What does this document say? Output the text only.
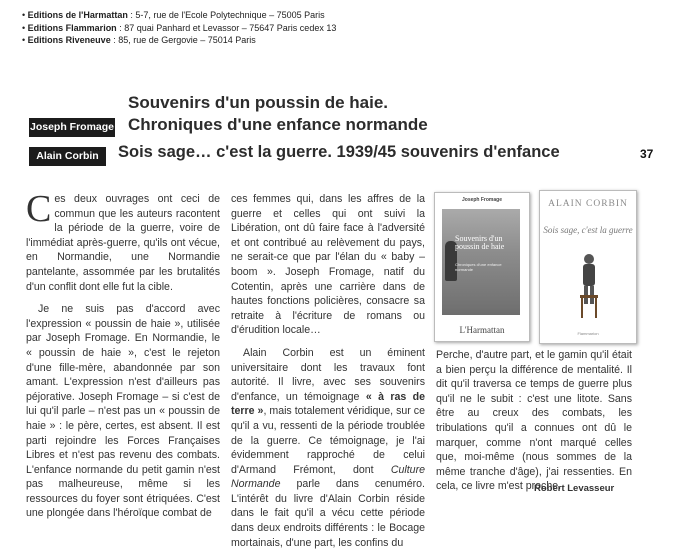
• Editions de l'Harmattan : 5-7, rue de l'Ecole Polytechnique – 75005 Paris
• Editions Flammarion : 87 quai Panhard et Levassor – 75647 Paris cedex 13
• Editions Riveneuve : 85, rue de Gergovie – 75014 Paris
Joseph Fromage
Souvenirs d'un poussin de haie.
Chroniques d'une enfance normande
Alain Corbin	Sois sage… c'est la guerre. 1939/45 souvenirs d'enfance	37

Ces deux ouvrages ont ceci de commun que les auteurs racontent la période de la guerre, voire de l'immédiat après-guerre, qu'ils ont vécue, en Normandie, une Normandie pantelante, assommée par les brutalités d'un conflit dont elle fut la cible.

Je ne suis pas d'accord avec l'expression « poussin de haie », utilisée par Joseph Fromage. En Normandie, le « poussin de haie », c'est le rejeton d'une fille-mère, abandonnée par son amant. L'expression n'est d'ailleurs pas péjorative. Joseph Fromage – si c'est de lui qu'il parle – n'est pas un « poussin de haie » : le père, certes, est absent. Il est parti rejoindre les Forces Françaises Libres et n'est pas revenu des combats. L'enfance normande du petit gamin n'est pas malheureuse, même si les ressources du foyer sont étriquées. C'est une plongée dans l'héroïque combat de

ces femmes qui, dans les affres de la guerre et celles qui ont suivi la Libération, ont dû faire face à l'adversité et ont contribué au relèvement du pays, ne serait-ce que par l'élan du « baby – boom ». Joseph Fromage, natif du Cotentin, après une carrière dans de hautes fonctions policières, consacre sa retraite à l'écriture de romans ou d'érudition locale…

Alain Corbin est un éminent universitaire dont les travaux font autorité. Il livre, avec ses souvenirs d'enfance, un témoignage « à ras de terre », mais totalement véridique, sur ce qu'il a vu, ressenti de la période troublée de la guerre. Ce témoignage, je l'ai évidemment rapproché de celui d'Armand Frémont, dont Culture Normande parle dans cenuméro. L'intérêt du livre d'Alain Corbin réside dans le fait qu'il a vécu cette période dans deux endroits différents : le Bocage mortainais, d'une part, les confins du

Joseph Fromage
Souvenirs d'un poussin de haie
Chroniques d'une enfance normande
L'Harmattan
ALAIN CORBIN
Sois sage, c'est la guerre
Flammarion

Perche, d'autre part, et le gamin qu'il était a bien perçu la différence de mentalité. Il dit qu'il traversa ce temps de guerre plus qu'il ne le subit : c'est une litote. Sans être au creux des combats, les tribulations qu'il a connues ont dû le marquer, comme n'ont marqué celles que, moi-même (nous sommes de la même tranche d'âge), j'ai ressenties. En cela, ce livre m'est proche.

Robert Levasseur
